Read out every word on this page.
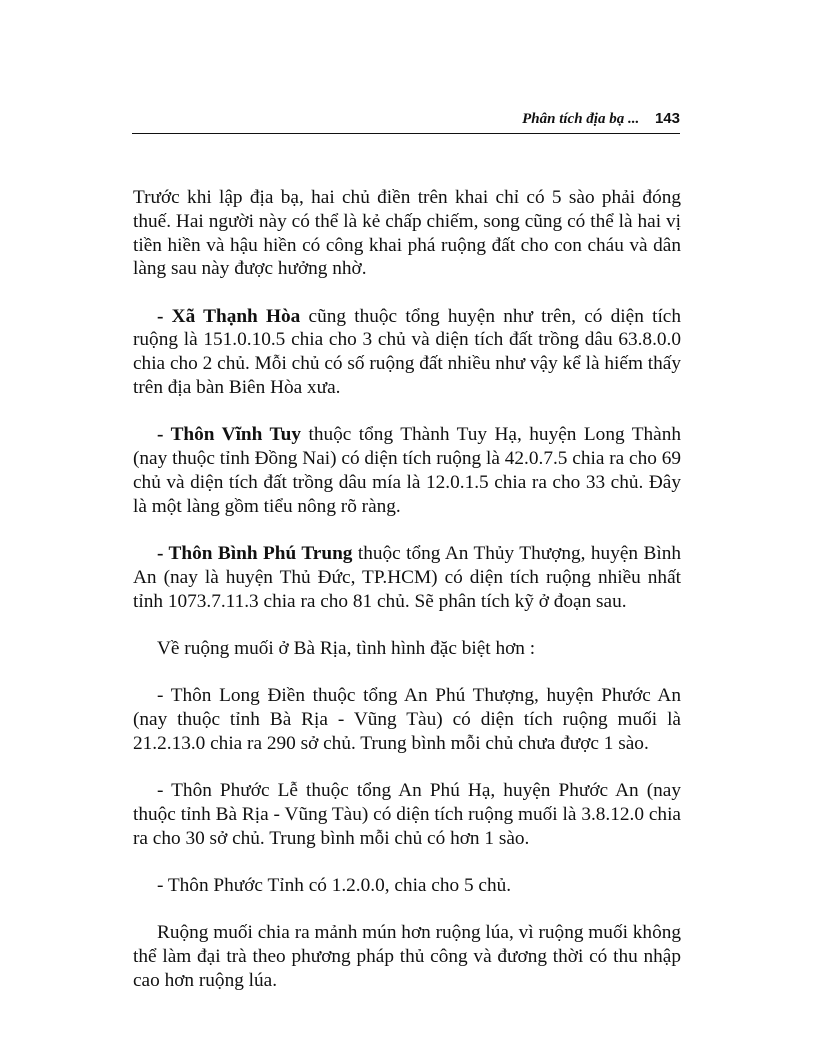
Phân tích địa bạ ... 143

Trước khi lập địa bạ, hai chủ điền trên khai chỉ có 5 sào phải đóng thuế. Hai người này có thể là kẻ chấp chiếm, song cũng có thể là hai vị tiền hiền và hậu hiền có công khai phá ruộng đất cho con cháu và dân làng sau này được hưởng nhờ.

- Xã Thạnh Hòa cũng thuộc tổng huyện như trên, có diện tích ruộng là 151.0.10.5 chia cho 3 chủ và diện tích đất trồng dâu 63.8.0.0 chia cho 2 chủ. Mỗi chủ có số ruộng đất nhiều như vậy kể là hiếm thấy trên địa bàn Biên Hòa xưa.

- Thôn Vĩnh Tuy thuộc tổng Thành Tuy Hạ, huyện Long Thành (nay thuộc tỉnh Đồng Nai) có diện tích ruộng là 42.0.7.5 chia ra cho 69 chủ và diện tích đất trồng dâu mía là 12.0.1.5 chia ra cho 33 chủ. Đây là một làng gồm tiểu nông rõ ràng.

- Thôn Bình Phú Trung thuộc tổng An Thủy Thượng, huyện Bình An (nay là huyện Thủ Đức, TP.HCM) có diện tích ruộng nhiều nhất tỉnh 1073.7.11.3 chia ra cho 81 chủ. Sẽ phân tích kỹ ở đoạn sau.

Về ruộng muối ở Bà Rịa, tình hình đặc biệt hơn :

- Thôn Long Điền thuộc tổng An Phú Thượng, huyện Phước An (nay thuộc tỉnh Bà Rịa - Vũng Tàu) có diện tích ruộng muối là 21.2.13.0 chia ra 290 sở chủ. Trung bình mỗi chủ chưa được 1 sào.

- Thôn Phước Lễ thuộc tổng An Phú Hạ, huyện Phước An (nay thuộc tỉnh Bà Rịa - Vũng Tàu) có diện tích ruộng muối là 3.8.12.0 chia ra cho 30 sở chủ. Trung bình mỗi chủ có hơn 1 sào.

- Thôn Phước Tỉnh có 1.2.0.0, chia cho 5 chủ.

Ruộng muối chia ra mảnh mún hơn ruộng lúa, vì ruộng muối không thể làm đại trà theo phương pháp thủ công và đương thời có thu nhập cao hơn ruộng lúa.
